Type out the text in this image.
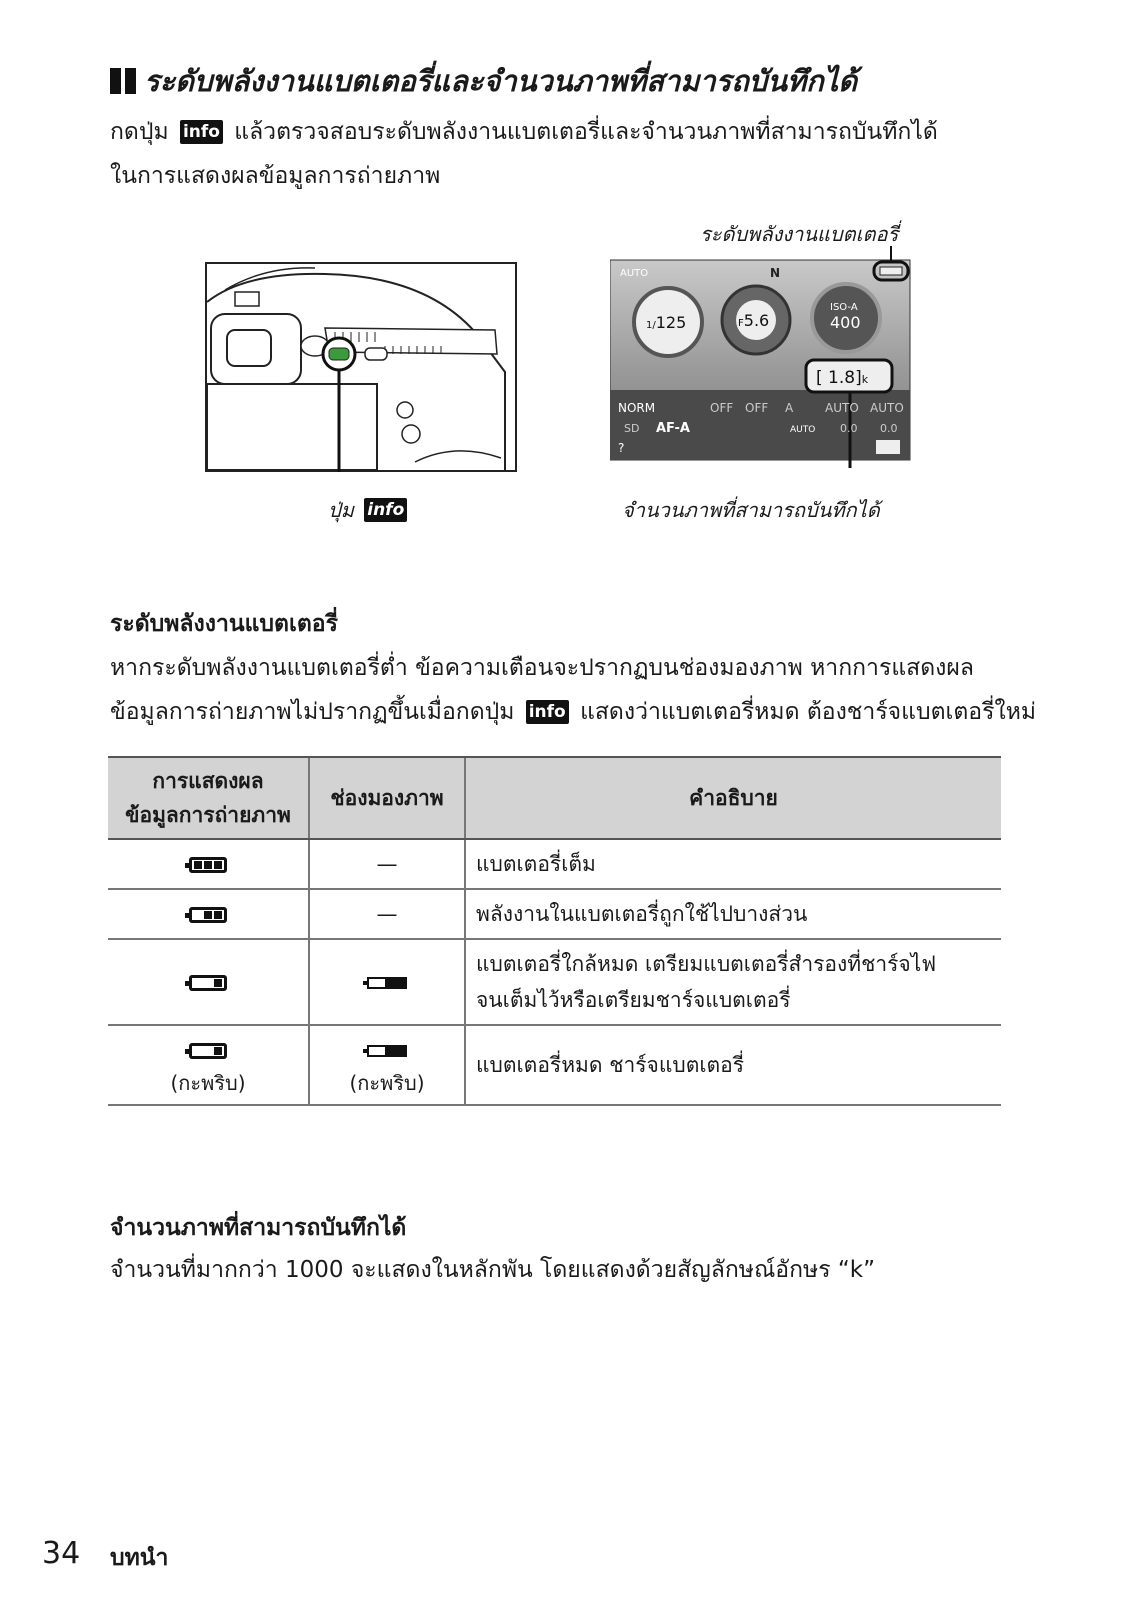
ระดับพลังงานแบตเตอรี่และจำนวนภาพที่สามารถบันทึกได้
กดปุ่ม info แล้วตรวจสอบระดับพลังงานแบตเตอรี่และจำนวนภาพที่สามารถบันทึกได้
ในการแสดงผลข้อมูลการถ่ายภาพ
ปุ่ม info
ระดับพลังงานแบตเตอรี่
AUTO	N
1/125	F5.6
ISO-A
400
[ 1.8]k
NORM	OFF OFF A	AUTO AUTO
SD AF-A	AUTO 0.0 0.0
?
จำนวนภาพที่สามารถบันทึกได้
ระดับพลังงานแบตเตอรี่
หากระดับพลังงานแบตเตอรี่ต่ำ ข้อความเตือนจะปรากฏบนช่องมองภาพ หากการแสดงผล
ข้อมูลการถ่ายภาพไม่ปรากฏขึ้นเมื่อกดปุ่ม info แสดงว่าแบตเตอรี่หมด ต้องชาร์จแบตเตอรี่ใหม่
การแสดงผล
ข้อมูลการถ่ายภาพ	ช่องมองภาพ	คำอธิบาย

	—	แบตเตอรี่เต็ม

	—	พลังงานในแบตเตอรี่ถูกใช้ไปบางส่วน

		แบตเตอรี่ใกล้หมด เตรียมแบตเตอรี่สำรองที่ชาร์จไฟ
จนเต็มไว้หรือเตรียมชาร์จแบตเตอรี่

(กะพริบ)	(กะพริบ)	แบตเตอรี่หมด ชาร์จแบตเตอรี่
จำนวนภาพที่สามารถบันทึกได้
จำนวนที่มากกว่า 1000 จะแสดงในหลักพัน โดยแสดงด้วยสัญลักษณ์อักษร “k”
34 บทนำ
